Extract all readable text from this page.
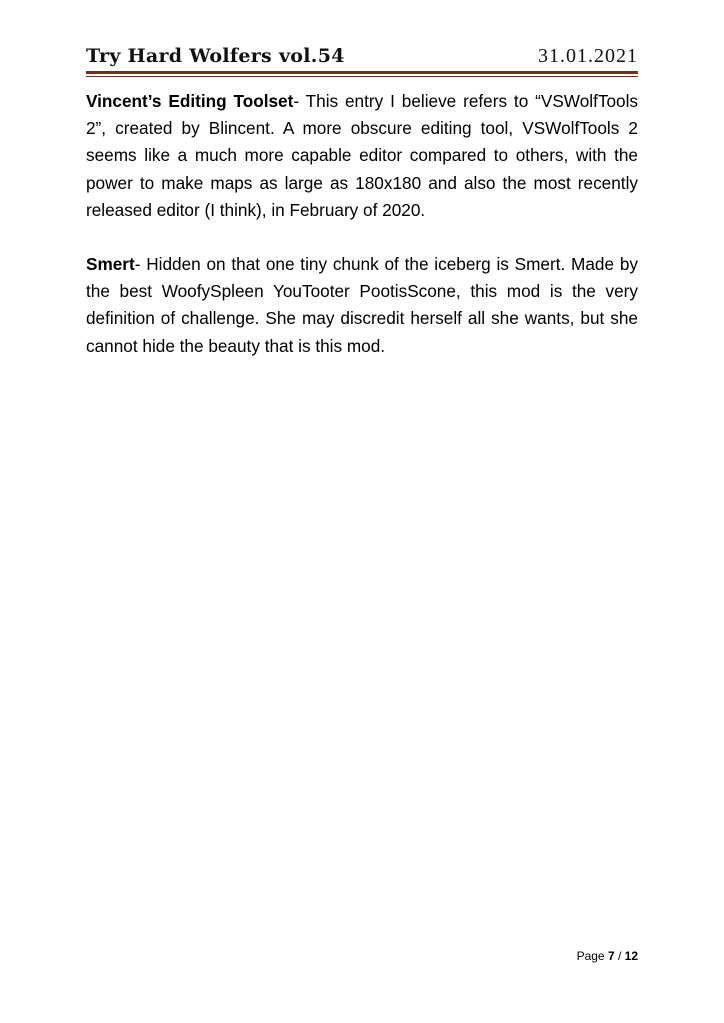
Try Hard Wolfers vol.54	31.01.2021

Vincent’s Editing Toolset- This entry I believe refers to “VSWolfTools 2”, created by Blincent. A more obscure editing tool, VSWolfTools 2 seems like a much more capable editor compared to others, with the power to make maps as large as 180x180 and also the most recently released editor (I think), in February of 2020.

Smert- Hidden on that one tiny chunk of the iceberg is Smert. Made by the best WoofySpleen YouTooter PootisScone, this mod is the very definition of challenge. She may discredit herself all she wants, but she cannot hide the beauty that is this mod.

Page 7 / 12
